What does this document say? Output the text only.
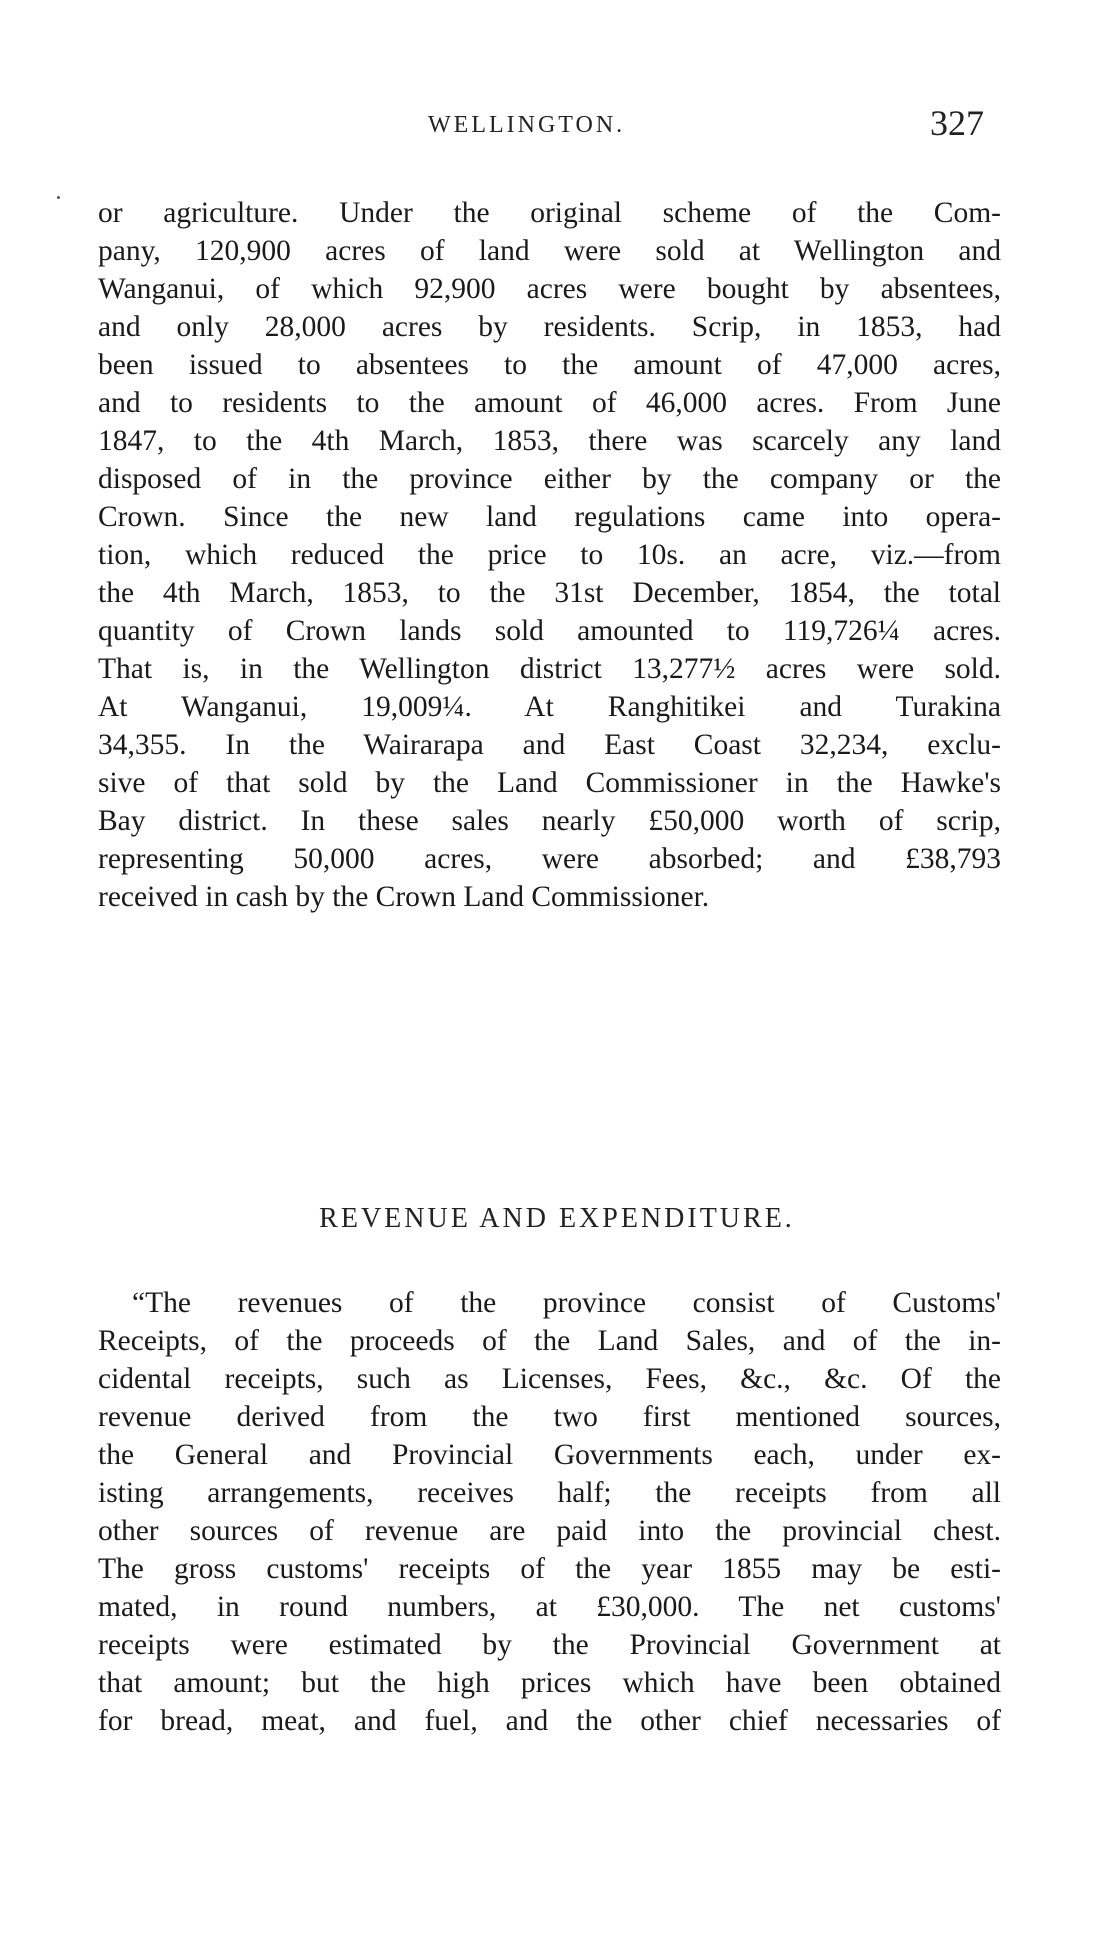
WELLINGTON.	327
or agriculture. Under the original scheme of the Com-
pany, 120,900 acres of land were sold at Wellington and
Wanganui, of which 92,900 acres were bought by absentees,
and only 28,000 acres by residents. Scrip, in 1853, had
been issued to absentees to the amount of 47,000 acres,
and to residents to the amount of 46,000 acres. From June
1847, to the 4th March, 1853, there was scarcely any land
disposed of in the province either by the company or the
Crown. Since the new land regulations came into opera-
tion, which reduced the price to 10s. an acre, viz.—from
the 4th March, 1853, to the 31st December, 1854, the total
quantity of Crown lands sold amounted to 119,726¼ acres.
That is, in the Wellington district 13,277½ acres were sold.
At Wanganui, 19,009¼. At Ranghitikei and Turakina
34,355. In the Wairarapa and East Coast 32,234, exclu-
sive of that sold by the Land Commissioner in the Hawke's
Bay district. In these sales nearly £50,000 worth of scrip,
representing 50,000 acres, were absorbed; and £38,793
received in cash by the Crown Land Commissioner.
REVENUE AND EXPENDITURE.
“The revenues of the province consist of Customs'
Receipts, of the proceeds of the Land Sales, and of the in-
cidental receipts, such as Licenses, Fees, &c., &c. Of the
revenue derived from the two first mentioned sources,
the General and Provincial Governments each, under ex-
isting arrangements, receives half; the receipts from all
other sources of revenue are paid into the provincial chest.
The gross customs' receipts of the year 1855 may be esti-
mated, in round numbers, at £30,000. The net customs'
receipts were estimated by the Provincial Government at
that amount; but the high prices which have been obtained
for bread, meat, and fuel, and the other chief necessaries of
